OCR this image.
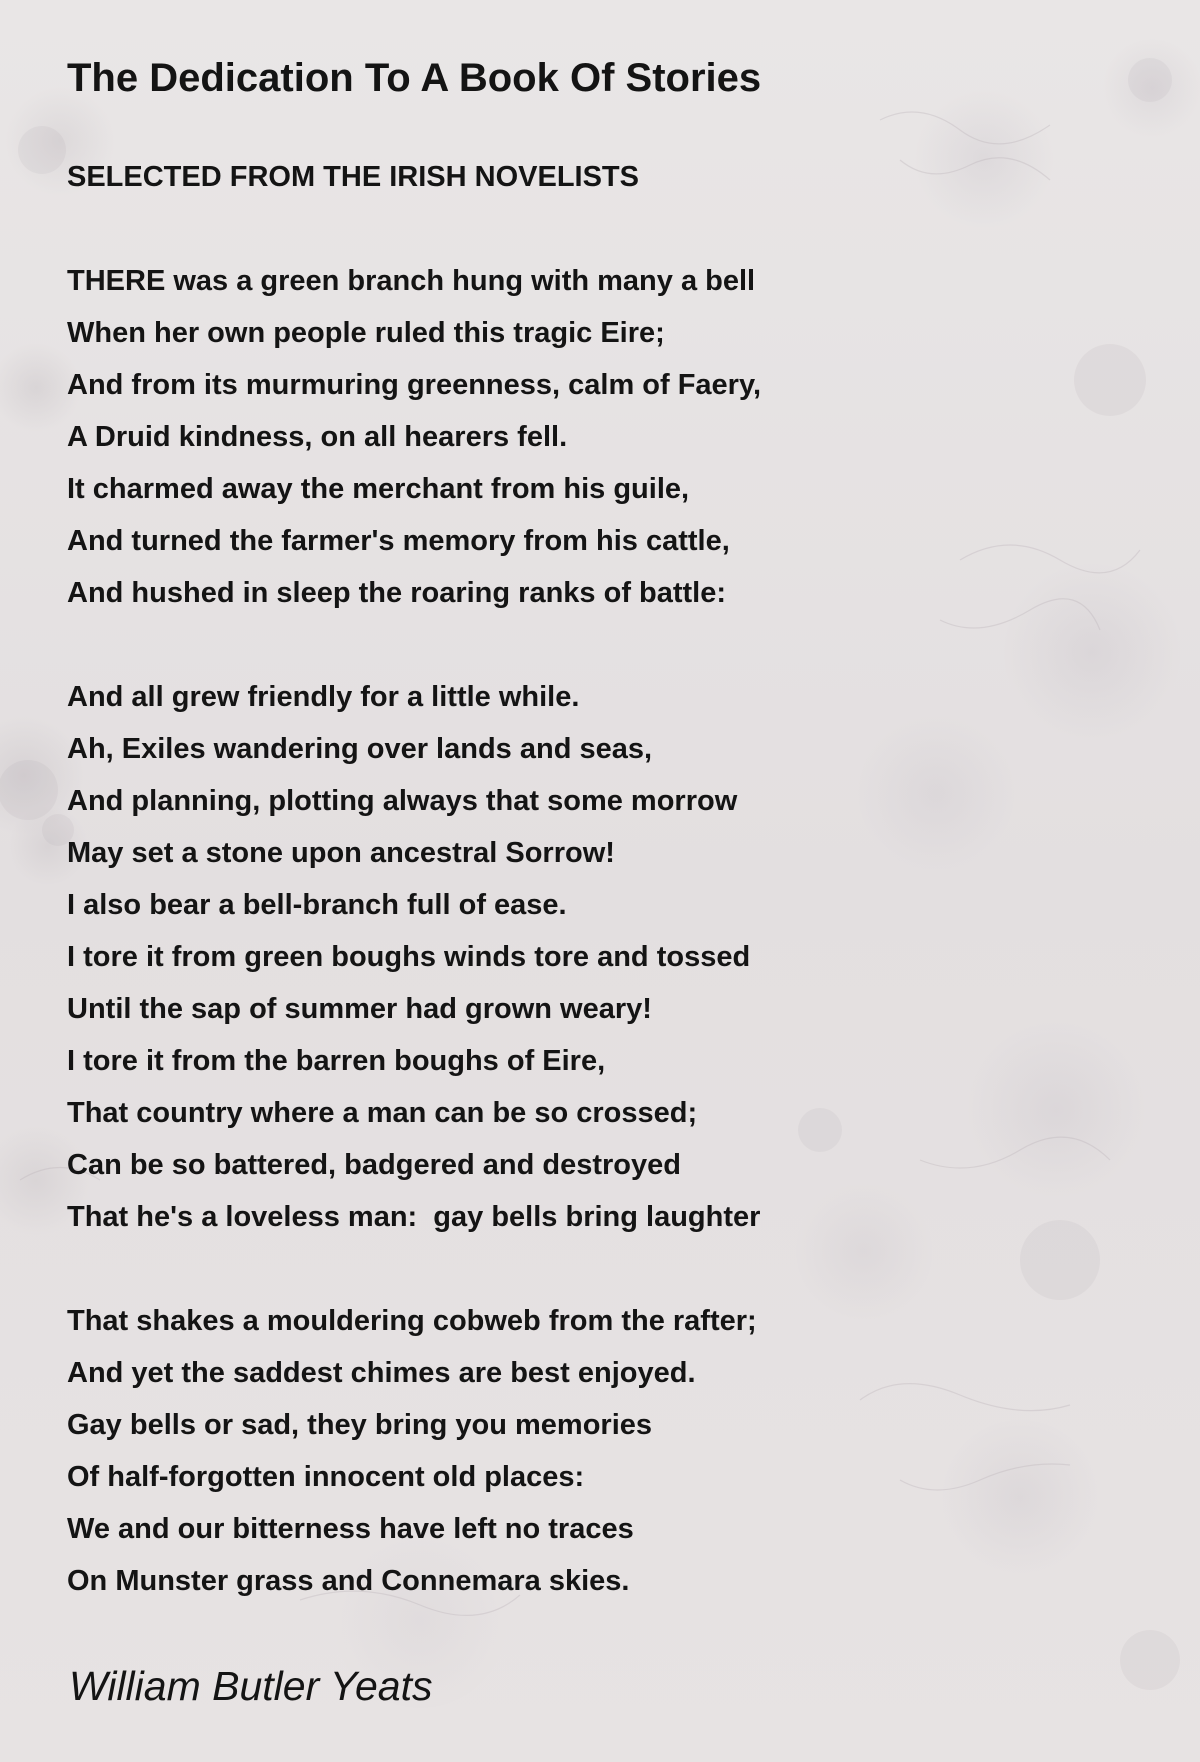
The Dedication To A Book Of Stories
SELECTED FROM THE IRISH NOVELISTS
THERE was a green branch hung with many a bell
When her own people ruled this tragic Eire;
And from its murmuring greenness, calm of Faery,
A Druid kindness, on all hearers fell.
It charmed away the merchant from his guile,
And turned the farmer's memory from his cattle,
And hushed in sleep the roaring ranks of battle:
And all grew friendly for a little while.
Ah, Exiles wandering over lands and seas,
And planning, plotting always that some morrow
May set a stone upon ancestral Sorrow!
I also bear a bell-branch full of ease.
I tore it from green boughs winds tore and tossed
Until the sap of summer had grown weary!
I tore it from the barren boughs of Eire,
That country where a man can be so crossed;
Can be so battered, badgered and destroyed
That he's a loveless man:  gay bells bring laughter
That shakes a mouldering cobweb from the rafter;
And yet the saddest chimes are best enjoyed.
Gay bells or sad, they bring you memories
Of half-forgotten innocent old places:
We and our bitterness have left no traces
On Munster grass and Connemara skies.
William Butler Yeats
